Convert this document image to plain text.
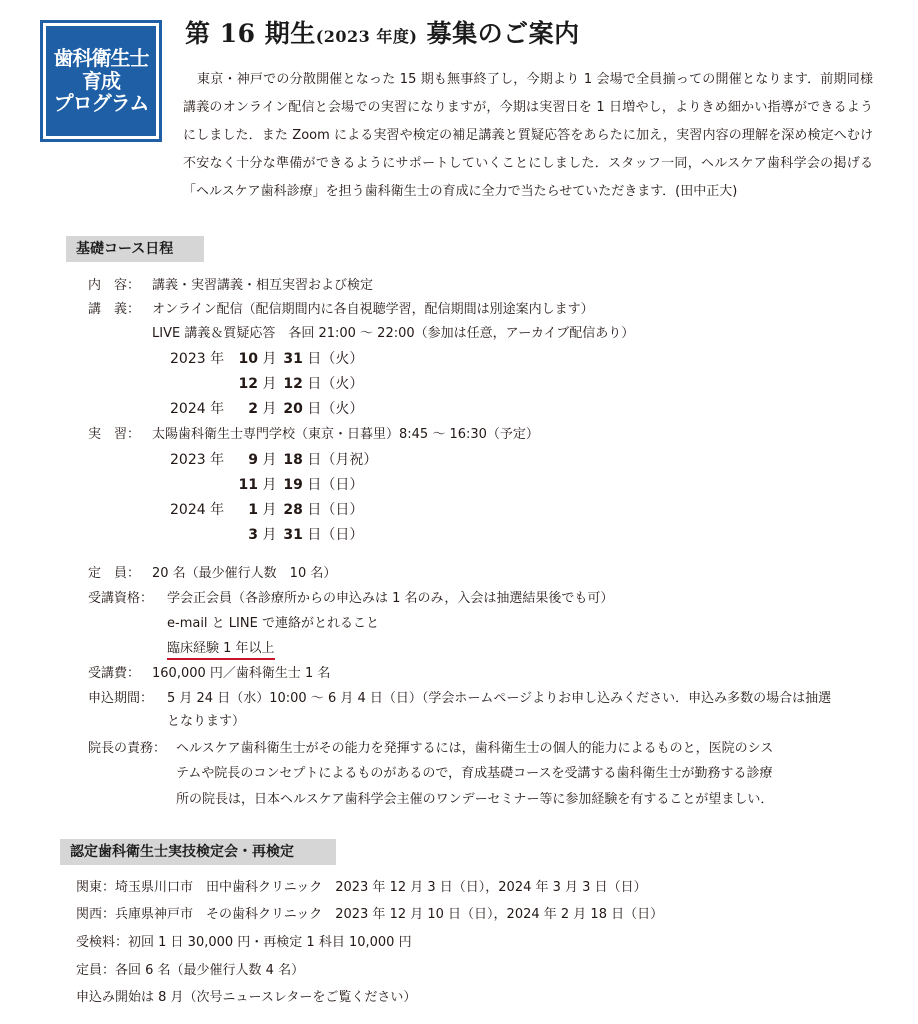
歯科衛生士
育成
プログラム
第 16 期生(2023 年度) 募集のご案内

東京・神戸での分散開催となった 15 期も無事終了し，今期より 1 会場で全員揃っての開催となります．前期同様講義のオンライン配信と会場での実習になりますが，今期は実習日を 1 日増やし，よりきめ細かい指導ができるようにしました．また Zoom による実習や検定の補足講義と質疑応答をあらたに加え，実習内容の理解を深め検定へむけ不安なく十分な準備ができるようにサポートしていくことにしました．スタッフ一同，ヘルスケア歯科学会の掲げる「ヘルスケア歯科診療」を担う歯科衛生士の育成に全力で当たらせていただきます．(田中正大)

基礎コース日程
内　容： 講義・実習講義・相互実習および検定
講　義： オンライン配信（配信期間内に各自視聴学習，配信期間は別途案内します）
LIVE 講義＆質疑応答　各回 21:00 〜 22:00（参加は任意，アーカイブ配信あり）
2023 年 10 月 31 日（火）
12 月 12 日（火）
2024 年 2 月 20 日（火）
実　習： 太陽歯科衛生士専門学校（東京・日暮里）8:45 〜 16:30（予定）
2023 年 9 月 18 日（月祝）
11 月 19 日（日）
2024 年 1 月 28 日（日）
3 月 31 日（日）
定　員： 20 名（最少催行人数　10 名）
受講資格： 学会正会員（各診療所からの申込みは 1 名のみ，入会は抽選結果後でも可）
e-mail と LINE で連絡がとれること
臨床経験 1 年以上
受講費： 160,000 円／歯科衛生士 1 名
申込期間： 5 月 24 日（水）10:00 〜 6 月 4 日（日）（学会ホームページよりお申し込みください．申込み多数の場合は抽選
となります）
院長の責務： ヘルスケア歯科衛生士がその能力を発揮するには，歯科衛生士の個人的能力によるものと，医院のシス
テムや院長のコンセプトによるものがあるので，育成基礎コースを受講する歯科衛生士が勤務する診療
所の院長は，日本ヘルスケア歯科学会主催のワンデーセミナー等に参加経験を有することが望ましい．
認定歯科衛生士実技検定会・再検定
関東：埼玉県川口市　田中歯科クリニック　2023 年 12 月 3 日（日），2024 年 3 月 3 日（日）
関西：兵庫県神戸市　その歯科クリニック　2023 年 12 月 10 日（日），2024 年 2 月 18 日（日）
受検料：初回 1 日 30,000 円・再検定 1 科目 10,000 円
定員：各回 6 名（最少催行人数 4 名）
申込み開始は 8 月（次号ニュースレターをご覧ください）
